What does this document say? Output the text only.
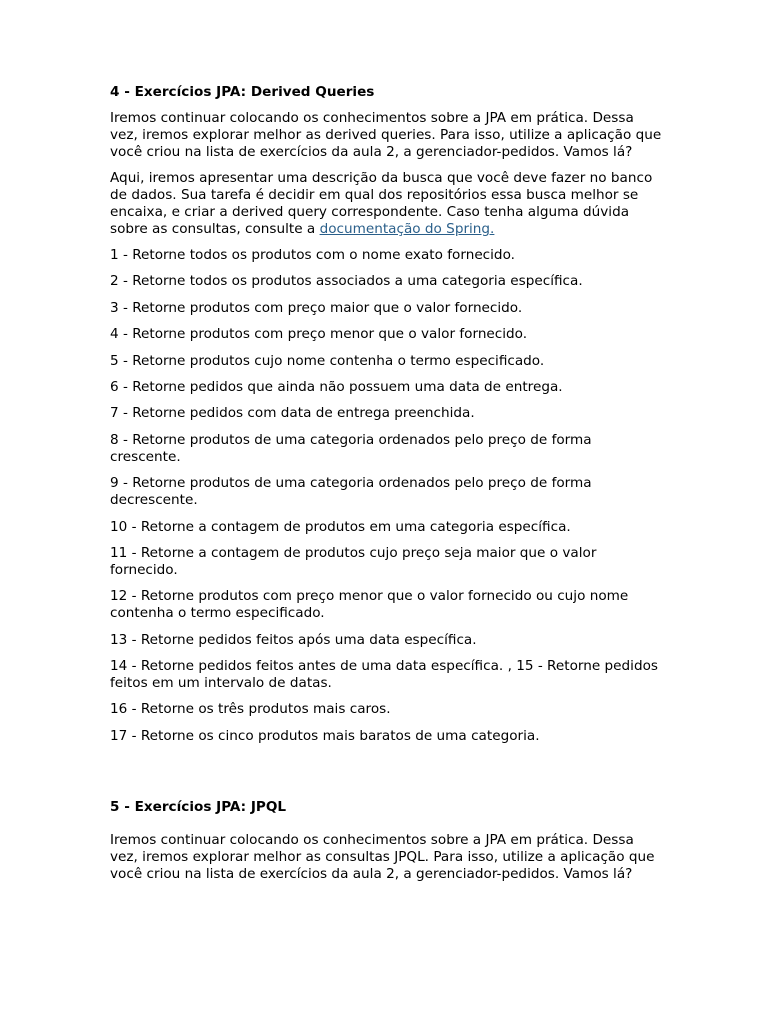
4 - Exercícios JPA: Derived Queries

Iremos continuar colocando os conhecimentos sobre a JPA em prática. Dessa vez, iremos explorar melhor as derived queries. Para isso, utilize a aplicação que você criou na lista de exercícios da aula 2, a gerenciador-pedidos. Vamos lá?

Aqui, iremos apresentar uma descrição da busca que você deve fazer no banco de dados. Sua tarefa é decidir em qual dos repositórios essa busca melhor se encaixa, e criar a derived query correspondente. Caso tenha alguma dúvida sobre as consultas, consulte a documentação do Spring.

1 - Retorne todos os produtos com o nome exato fornecido.
2 - Retorne todos os produtos associados a uma categoria específica.
3 - Retorne produtos com preço maior que o valor fornecido.
4 - Retorne produtos com preço menor que o valor fornecido.
5 - Retorne produtos cujo nome contenha o termo especificado.
6 - Retorne pedidos que ainda não possuem uma data de entrega.
7 - Retorne pedidos com data de entrega preenchida.
8 - Retorne produtos de uma categoria ordenados pelo preço de forma crescente.
9 - Retorne produtos de uma categoria ordenados pelo preço de forma decrescente.
10 - Retorne a contagem de produtos em uma categoria específica.
11 - Retorne a contagem de produtos cujo preço seja maior que o valor fornecido.
12 - Retorne produtos com preço menor que o valor fornecido ou cujo nome contenha o termo especificado.
13 - Retorne pedidos feitos após uma data específica.
14 - Retorne pedidos feitos antes de uma data específica. , 15 - Retorne pedidos feitos em um intervalo de datas.
16 - Retorne os três produtos mais caros.
17 - Retorne os cinco produtos mais baratos de uma categoria.
5 - Exercícios JPA: JPQL

Iremos continuar colocando os conhecimentos sobre a JPA em prática. Dessa vez, iremos explorar melhor as consultas JPQL. Para isso, utilize a aplicação que você criou na lista de exercícios da aula 2, a gerenciador-pedidos. Vamos lá?
